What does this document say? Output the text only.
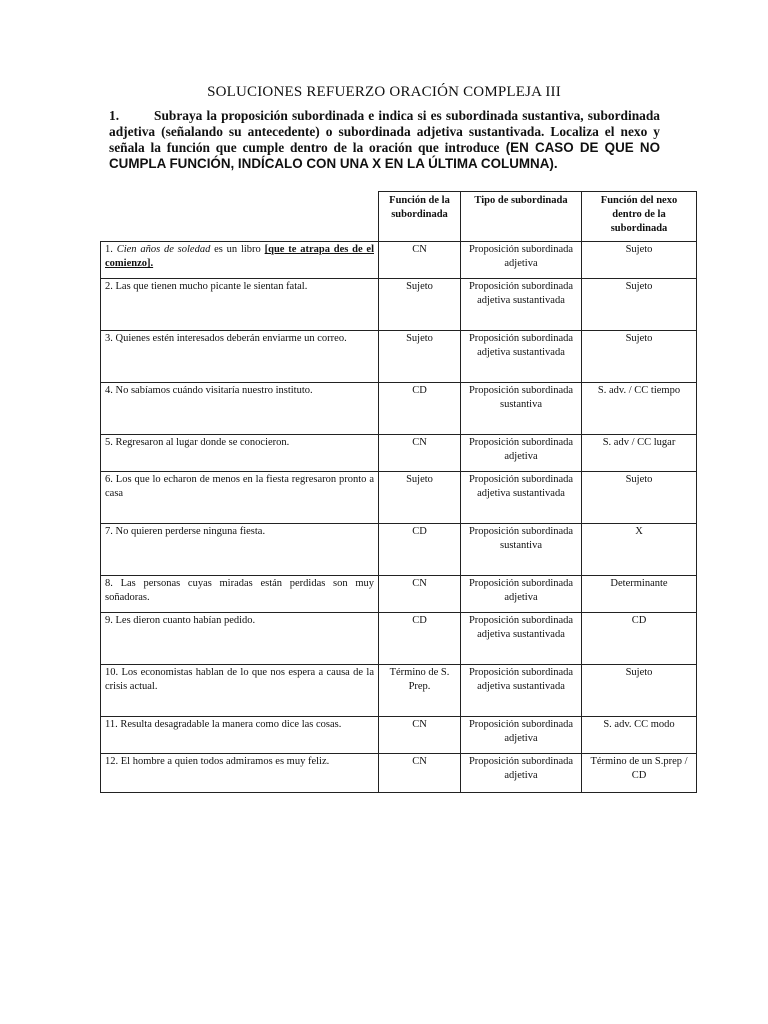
SOLUCIONES REFUERZO ORACIÓN COMPLEJA III
1.	Subraya la proposición subordinada e indica si es subordinada sustantiva, subordinada adjetiva (señalando su antecedente) o subordinada adjetiva sustantivada. Localiza el nexo y señala la función que cumple dentro de la oración que introduce (EN CASO DE QUE NO CUMPLA FUNCIÓN, INDÍCALO CON UNA X EN LA ÚLTIMA COLUMNA).
	Función de la subordinada	Tipo de subordinada	Función del nexo dentro de la subordinada
1. Cien años de soledad es un libro [que te atrapa des de el comienzo].	CN	Proposición subordinada adjetiva	Sujeto
2. Las que tienen mucho picante le sientan fatal.	Sujeto	Proposición subordinada adjetiva sustantivada	Sujeto
3. Quienes estén interesados deberán enviarme un correo.	Sujeto	Proposición subordinada adjetiva sustantivada	Sujeto
4. No sabíamos cuándo visitaría nuestro instituto.	CD	Proposición subordinada sustantiva	S. adv. / CC tiempo
5. Regresaron al lugar donde se conocieron.	CN	Proposición subordinada adjetiva	S. adv / CC lugar
6. Los que lo echaron de menos en la fiesta regresaron pronto a casa	Sujeto	Proposición subordinada adjetiva sustantivada	Sujeto
7. No quieren perderse ninguna fiesta.	CD	Proposición subordinada sustantiva	X
8. Las personas cuyas miradas están perdidas son muy soñadoras.	CN	Proposición subordinada adjetiva	Determinante
9. Les dieron cuanto habían pedido.	CD	Proposición subordinada adjetiva sustantivada	CD
10. Los economistas hablan de lo que nos espera a causa de la crisis actual.	Término de S. Prep.	Proposición subordinada adjetiva sustantivada	Sujeto
11. Resulta desagradable la manera como dice las cosas.	CN	Proposición subordinada adjetiva	S. adv. CC modo
12. El hombre a quien todos admiramos es muy feliz.	CN	Proposición subordinada adjetiva	Término de un S.prep / CD
